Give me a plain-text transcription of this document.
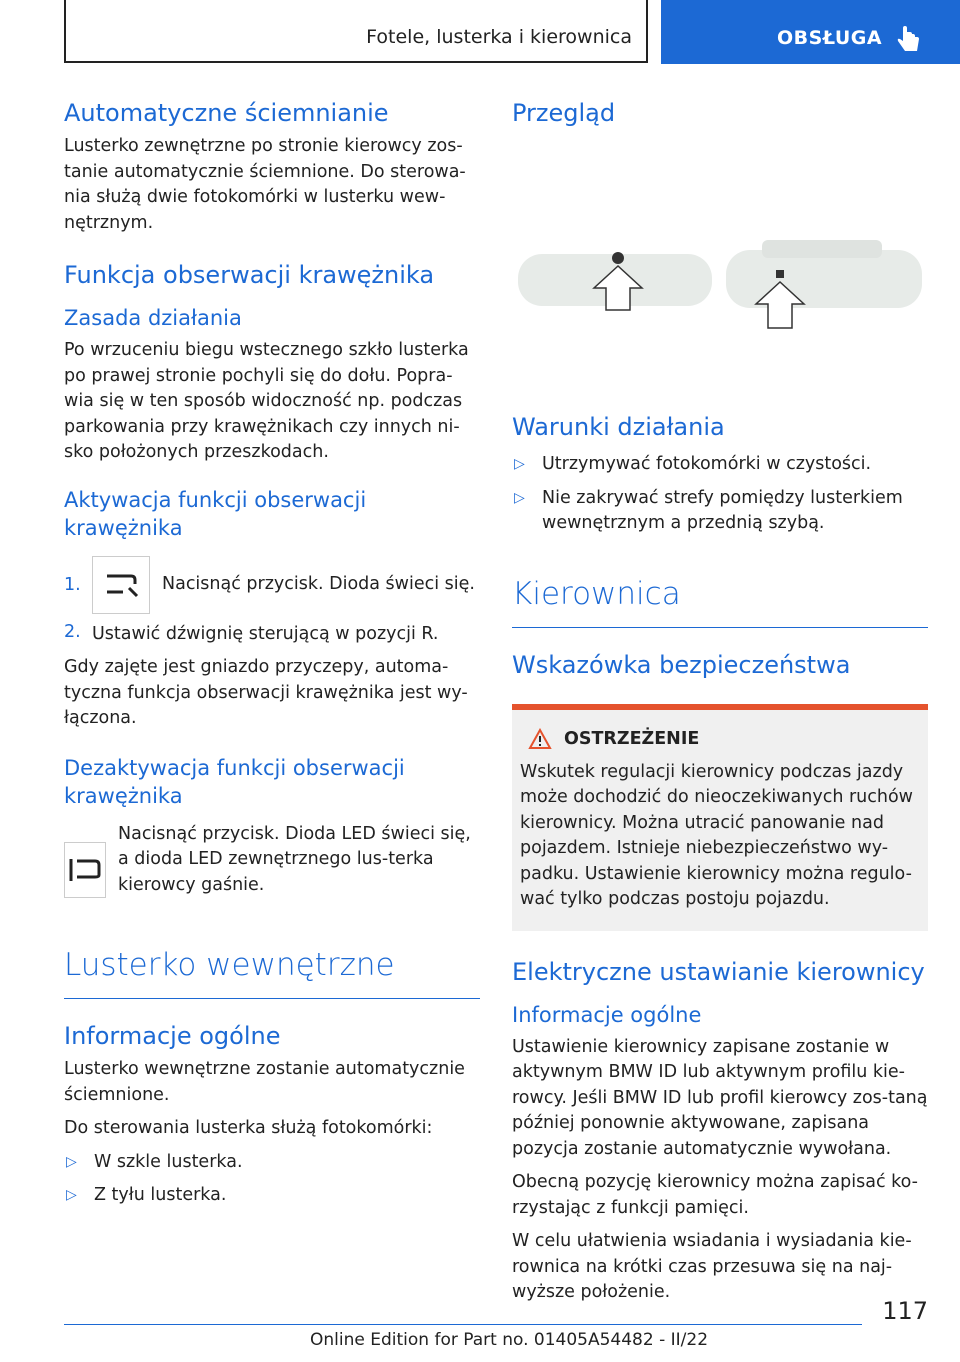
Fotele, lusterka i kierownica	OBSŁUGA
Automatyczne ściemnianie

Lusterko zewnętrzne po stronie kierowcy zos-tanie automatycznie ściemnione. Do sterowa-nia służą dwie fotokomórki w lusterku wew-nętrznym.

Funkcja obserwacji krawężnika
Zasada działania

Po wrzuceniu biegu wstecznego szkło lusterka po prawej stronie pochyli się do dołu. Popra-wia się w ten sposób widoczność np. podczas parkowania przy krawężnikach czy innych ni-sko położonych przeszkodach.

Aktywacja funkcji obserwacji krawężnika
1.	Nacisnąć przycisk. Dioda świeci się.

2. Ustawić dźwignię sterującą w pozycji R.

Gdy zajęte jest gniazdo przyczepy, automa-tyczna funkcja obserwacji krawężnika jest wy-łączona.

Dezaktywacja funkcji obserwacji krawężnika

Nacisnąć przycisk. Dioda LED świeci się, a dioda LED zewnętrznego lus-terka kierowcy gaśnie.

Lusterko wewnętrzne
Informacje ogólne

Lusterko wewnętrzne zostanie automatycznie ściemnione.

Do sterowania lusterka służą fotokomórki:

▷ W szkle lusterka.
▷ Z tyłu lusterka.
Przegląd
Warunki działania
▷ Utrzymywać fotokomórki w czystości.
▷ Nie zakrywać strefy pomiędzy lusterkiem wewnętrznym a przednią szybą.
Kierownica
Wskazówka bezpieczeństwa
OSTRZEŻENIE

Wskutek regulacji kierownicy podczas jazdy może dochodzić do nieoczekiwanych ruchów kierownicy. Można utracić panowanie nad pojazdem. Istnieje niebezpieczeństwo wy-padku. Ustawienie kierownicy można regulo-wać tylko podczas postoju pojazdu.

Elektryczne ustawianie kierownicy
Informacje ogólne

Ustawienie kierownicy zapisane zostanie w aktywnym BMW ID lub aktywnym profilu kie-rowcy. Jeśli BMW ID lub profil kierowcy zos-taną później ponownie aktywowane, zapisana pozycja zostanie automatycznie wywołana.

Obecną pozycję kierownicy można zapisać ko-rzystając z funkcji pamięci.

W celu ułatwienia wsiadania i wysiadania kie-rownica na krótki czas przesuwa się na naj-wyższe położenie.

117
Online Edition for Part no. 01405A54482 - II/22
